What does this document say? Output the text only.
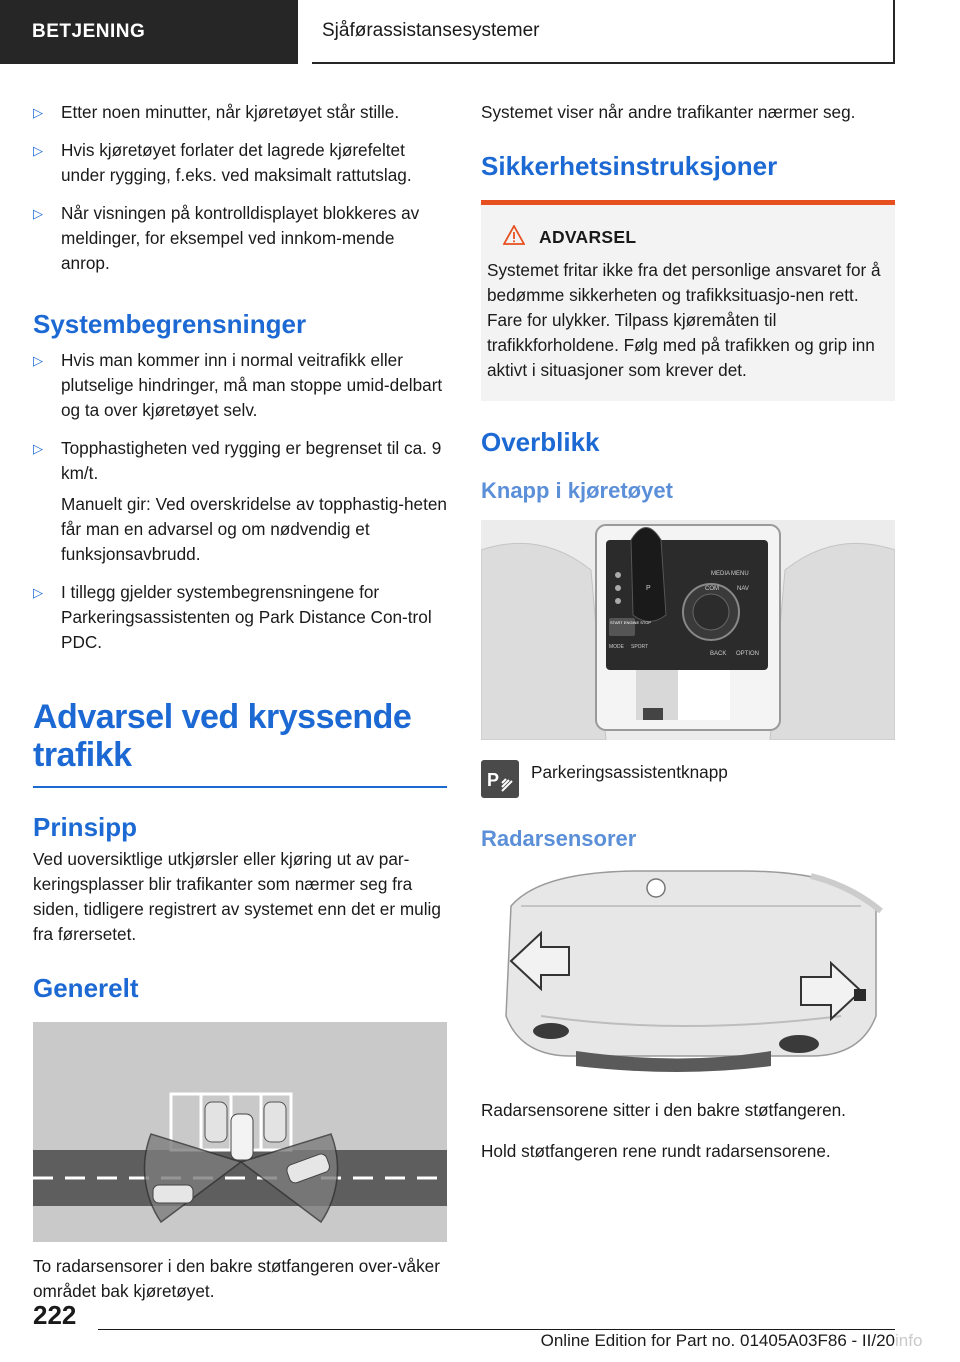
BETJENING	Sjåførassistansesystemer
▷	Etter noen minutter, når kjøretøyet står stille.
▷	Hvis kjøretøyet forlater det lagrede kjørefeltet under rygging, f.eks. ved maksimalt rattutslag.
▷	Når visningen på kontrolldisplayet blokkeres av meldinger, for eksempel ved innkom-mende anrop.
Systembegrensninger
▷	Hvis man kommer inn i normal veitrafikk eller plutselige hindringer, må man stoppe umid-delbart og ta over kjøretøyet selv.
▷	Topphastigheten ved rygging er begrenset til ca. 9 km/t.
Manuelt gir: Ved overskridelse av topphastig-heten får man en advarsel og om nødvendig et funksjonsavbrudd.
▷	I tillegg gjelder systembegrensningene for Parkeringsassistenten og Park Distance Con-trol PDC.
Advarsel ved kryssende trafikk
Prinsipp

Ved uoversiktlige utkjørsler eller kjøring ut av par-keringsplasser blir trafikanter som nærmer seg fra siden, tidligere registrert av systemet enn det er mulig fra førersetet.

Generelt

To radarsensorer i den bakre støtfangeren over-våker området bak kjøretøyet.

Systemet viser når andre trafikanter nærmer seg.

Sikkerhetsinstruksjoner
ADVARSEL
Systemet fritar ikke fra det personlige ansvaret for å bedømme sikkerheten og trafikksituasjo-nen rett. Fare for ulykker. Tilpass kjøremåten til trafikkforholdene. Følg med på trafikken og grip inn aktivt i situasjoner som krever det.
Overblikk
Knapp i kjøretøyet
MEDIA MENU
COM	NAV
BACK OPTION
START ENGINE STOP
MODE SPORT
P
P Parkeringsassistentknapp
Radarsensorer

Radarsensorene sitter i den bakre støtfangeren.

Hold støtfangeren rene rundt radarsensorene.

222
Online Edition for Part no. 01405A03F86 - II/20 info
